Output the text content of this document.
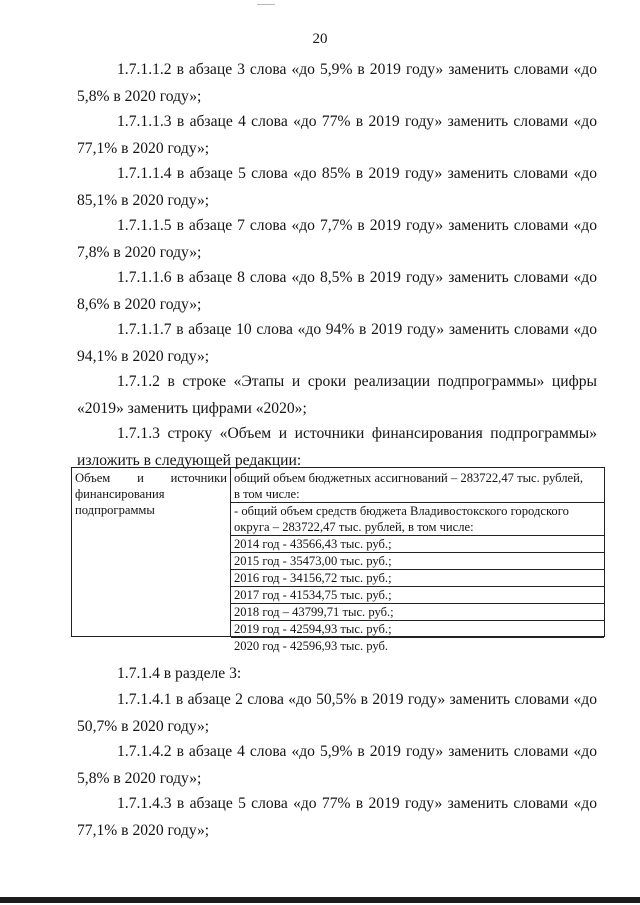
20
1.7.1.1.2 в абзаце 3 слова «до 5,9% в 2019 году» заменить словами «до 5,8% в 2020 году»;
1.7.1.1.3 в абзаце 4 слова «до 77% в 2019 году» заменить словами «до 77,1% в 2020 году»;
1.7.1.1.4 в абзаце 5 слова «до 85% в 2019 году» заменить словами «до 85,1% в 2020 году»;
1.7.1.1.5 в абзаце 7 слова «до 7,7% в 2019 году» заменить словами «до 7,8% в 2020 году»;
1.7.1.1.6 в абзаце 8 слова «до 8,5% в 2019 году» заменить словами «до 8,6% в 2020 году»;
1.7.1.1.7 в абзаце 10 слова «до 94% в 2019 году» заменить словами «до 94,1% в 2020 году»;
1.7.1.2 в строке «Этапы и сроки реализации подпрограммы» цифры «2019» заменить цифрами «2020»;
1.7.1.3 строку «Объем и источники финансирования подпрограммы» изложить в следующей редакции:
Объем и источники
финансирования
подпрограммы
общий объем бюджетных ассигнований – 283722,47 тыс. рублей,
в том числе:
- общий объем средств бюджета Владивостокского городского
округа – 283722,47 тыс. рублей, в том числе:
2014 год - 43566,43 тыс. руб.;
2015 год - 35473,00 тыс. руб.;
2016 год - 34156,72 тыс. руб.;
2017 год - 41534,75 тыс. руб.;
2018 год – 43799,71 тыс. руб.;
2019 год - 42594,93 тыс. руб.;
2020 год - 42596,93 тыс. руб.
1.7.1.4 в разделе 3:
1.7.1.4.1 в абзаце 2 слова «до 50,5% в 2019 году» заменить словами «до 50,7% в 2020 году»;
1.7.1.4.2 в абзаце 4 слова «до 5,9% в 2019 году» заменить словами «до 5,8% в 2020 году»;
1.7.1.4.3 в абзаце 5 слова «до 77% в 2019 году» заменить словами «до 77,1% в 2020 году»;
